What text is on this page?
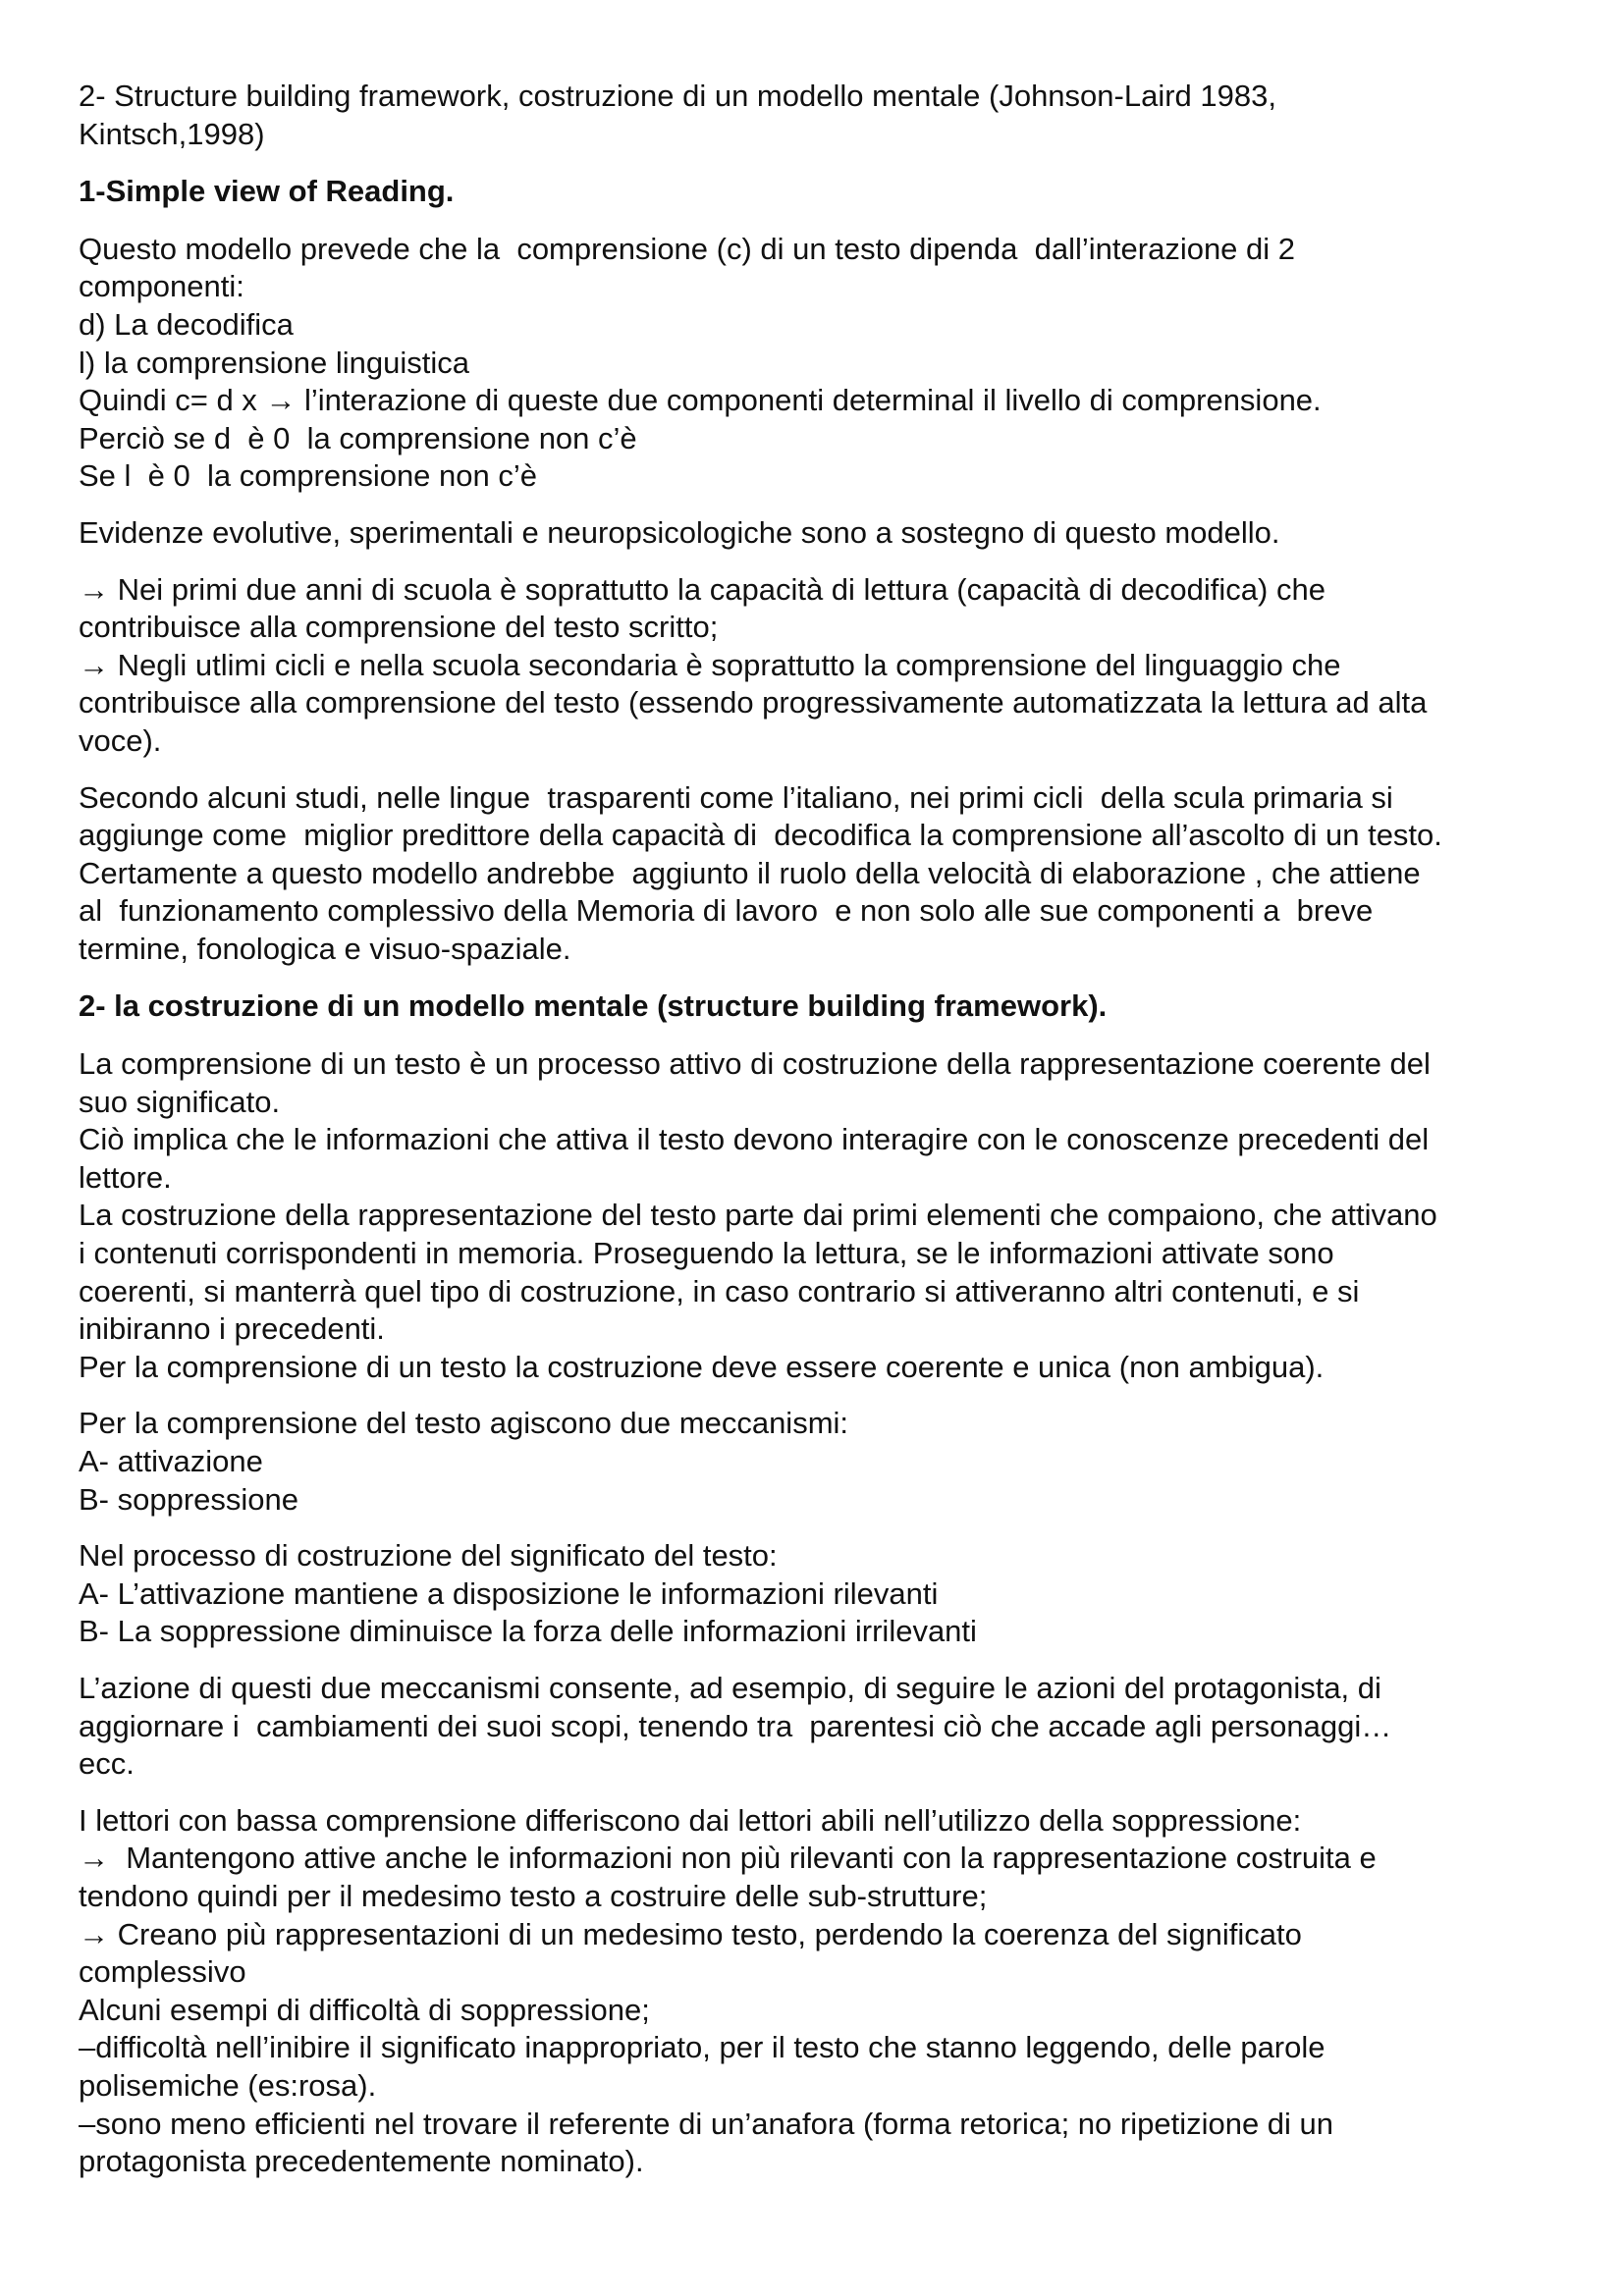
2- Structure building framework, costruzione di un modello mentale (Johnson-Laird 1983,
Kintsch,1998)
1-Simple view of Reading.
Questo modello prevede che la  comprensione (c) di un testo dipenda  dall’interazione di 2
componenti:
d) La decodifica
l) la comprensione linguistica
Quindi c= d x → l’interazione di queste due componenti determinal il livello di comprensione.
Perciò se d  è 0  la comprensione non c’è
Se l  è 0  la comprensione non c’è
Evidenze evolutive, sperimentali e neuropsicologiche sono a sostegno di questo modello.
→ Nei primi due anni di scuola è soprattutto la capacità di lettura (capacità di decodifica) che
contribuisce alla comprensione del testo scritto;
→ Negli utlimi cicli e nella scuola secondaria è soprattutto la comprensione del linguaggio che
contribuisce alla comprensione del testo (essendo progressivamente automatizzata la lettura ad alta
voce).
Secondo alcuni studi, nelle lingue  trasparenti come l’italiano, nei primi cicli  della scula primaria si
aggiunge come  miglior predittore della capacità di  decodifica la comprensione all’ascolto di un testo.
Certamente a questo modello andrebbe  aggiunto il ruolo della velocità di elaborazione , che attiene
al  funzionamento complessivo della Memoria di lavoro  e non solo alle sue componenti a  breve
termine, fonologica e visuo-spaziale.
2- la costruzione di un modello mentale (structure building framework).
La comprensione di un testo è un processo attivo di costruzione della rappresentazione coerente del
suo significato.
Ciò implica che le informazioni che attiva il testo devono interagire con le conoscenze precedenti del
lettore.
La costruzione della rappresentazione del testo parte dai primi elementi che compaiono, che attivano
i contenuti corrispondenti in memoria. Proseguendo la lettura, se le informazioni attivate sono
coerenti, si manterrà quel tipo di costruzione, in caso contrario si attiveranno altri contenuti, e si
inibiranno i precedenti.
Per la comprensione di un testo la costruzione deve essere coerente e unica (non ambigua).
Per la comprensione del testo agiscono due meccanismi:
A- attivazione
B- soppressione
Nel processo di costruzione del significato del testo:
A- L’attivazione mantiene a disposizione le informazioni rilevanti
B- La soppressione diminuisce la forza delle informazioni irrilevanti
L’azione di questi due meccanismi consente, ad esempio, di seguire le azioni del protagonista, di
aggiornare i  cambiamenti dei suoi scopi, tenendo tra  parentesi ciò che accade agli personaggi…
ecc.
I lettori con bassa comprensione differiscono dai lettori abili nell’utilizzo della soppressione:
→  Mantengono attive anche le informazioni non più rilevanti con la rappresentazione costruita e
tendono quindi per il medesimo testo a costruire delle sub-strutture;
→ Creano più rappresentazioni di un medesimo testo, perdendo la coerenza del significato
complessivo
Alcuni esempi di difficoltà di soppressione;
–difficoltà nell’inibire il significato inappropriato, per il testo che stanno leggendo, delle parole
polisemiche (es:rosa).
–sono meno efficienti nel trovare il referente di un’anafora (forma retorica; no ripetizione di un
protagonista precedentemente nominato).
